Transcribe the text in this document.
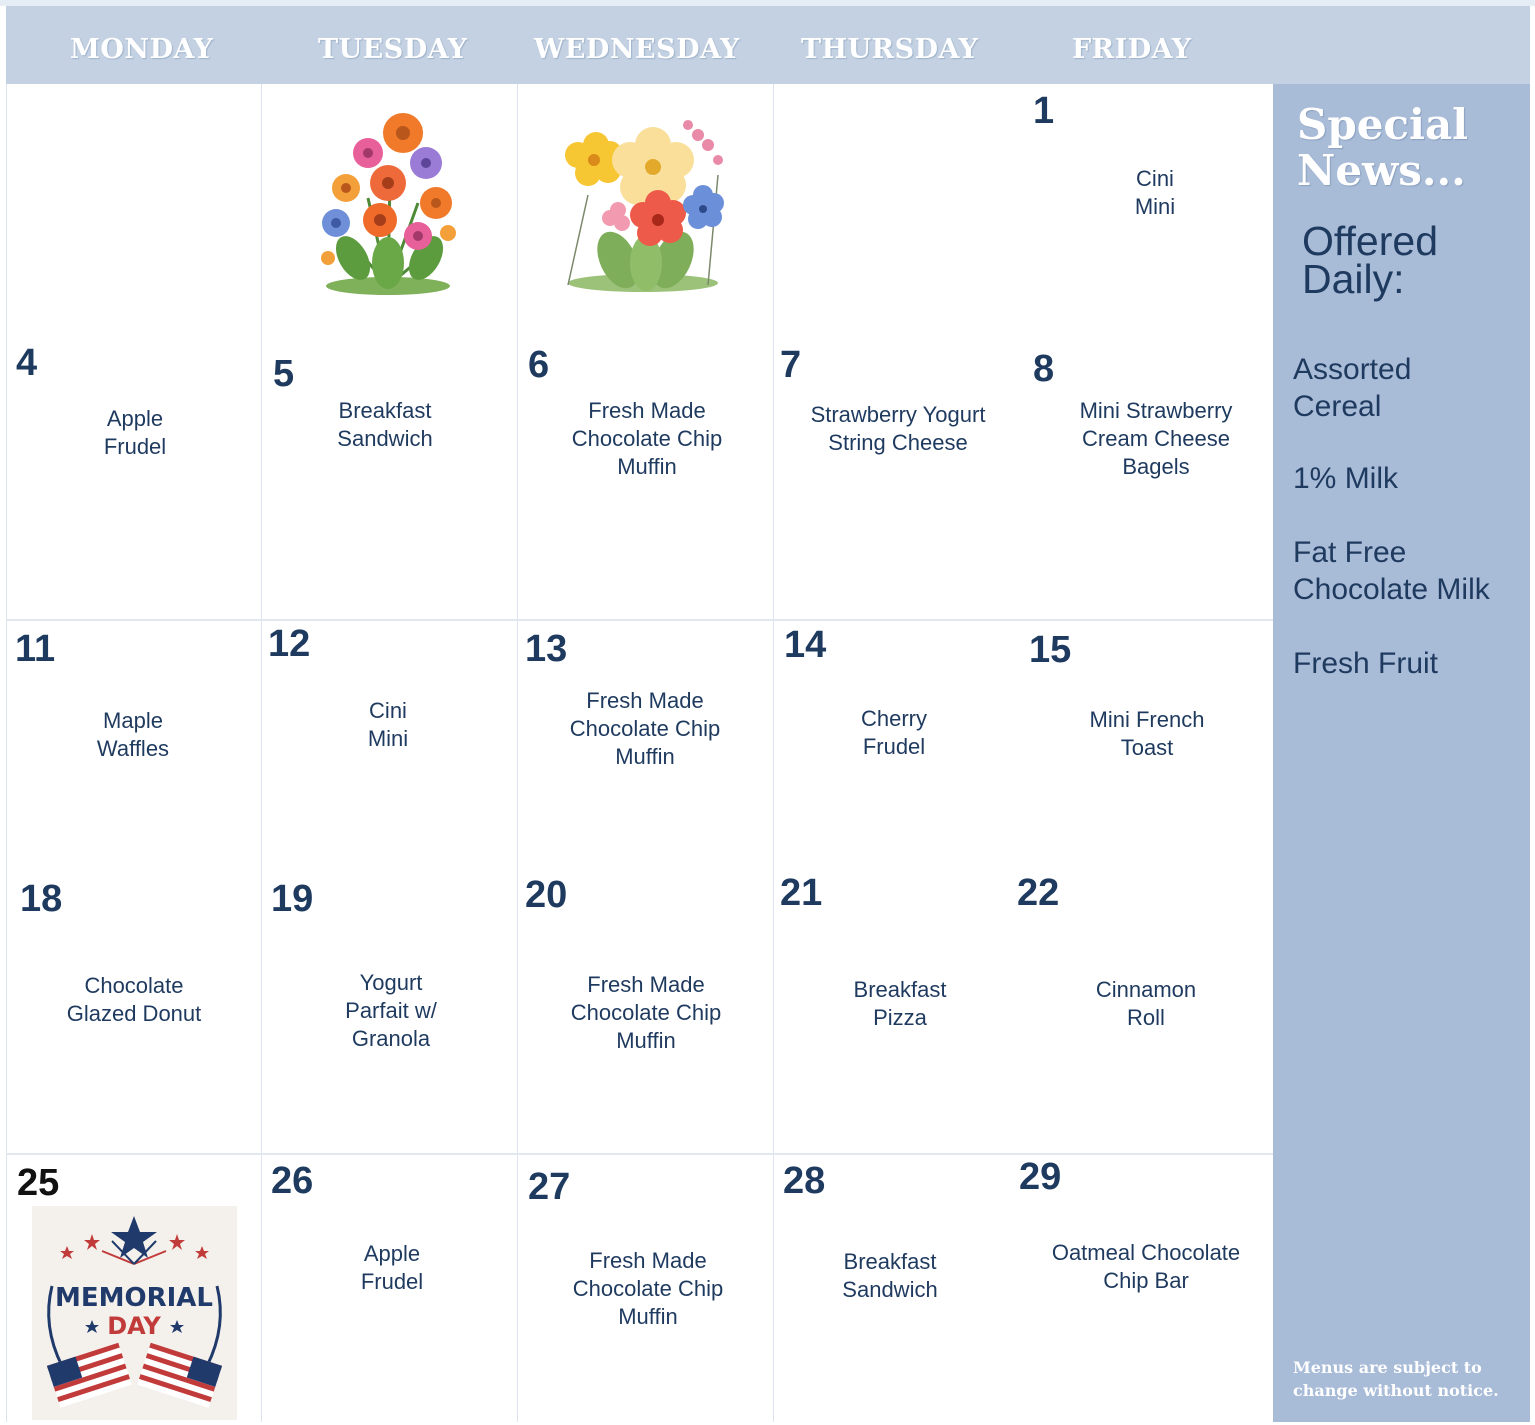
MONDAY	TUESDAY WEDNESDAY THURSDAY	FRIDAY
1
Cini
Mini
4
Apple
Frudel
5
Breakfast
Sandwich
6
Fresh Made
Chocolate Chip
Muffin
7
Strawberry Yogurt
String Cheese
8
Mini Strawberry
Cream Cheese
Bagels
11
Maple
Waffles
12
Cini
Mini
13
Fresh Made
Chocolate Chip
Muffin
14
Cherry
Frudel
15
Mini French
Toast
18
Chocolate
Glazed Donut
19
Yogurt
Parfait w/
Granola
20
Fresh Made
Chocolate Chip
Muffin
21
Breakfast
Pizza
22
Cinnamon
Roll
25
MEMORIAL
DAY
26
Apple
Frudel
27
Fresh Made
Chocolate Chip
Muffin
28
Breakfast
Sandwich
29
Oatmeal Chocolate
Chip Bar
Special
News...
Offered
Daily:
Assorted
Cereal
1% Milk
Fat Free
Chocolate Milk
Fresh Fruit
Menus are subject to
change without notice.
